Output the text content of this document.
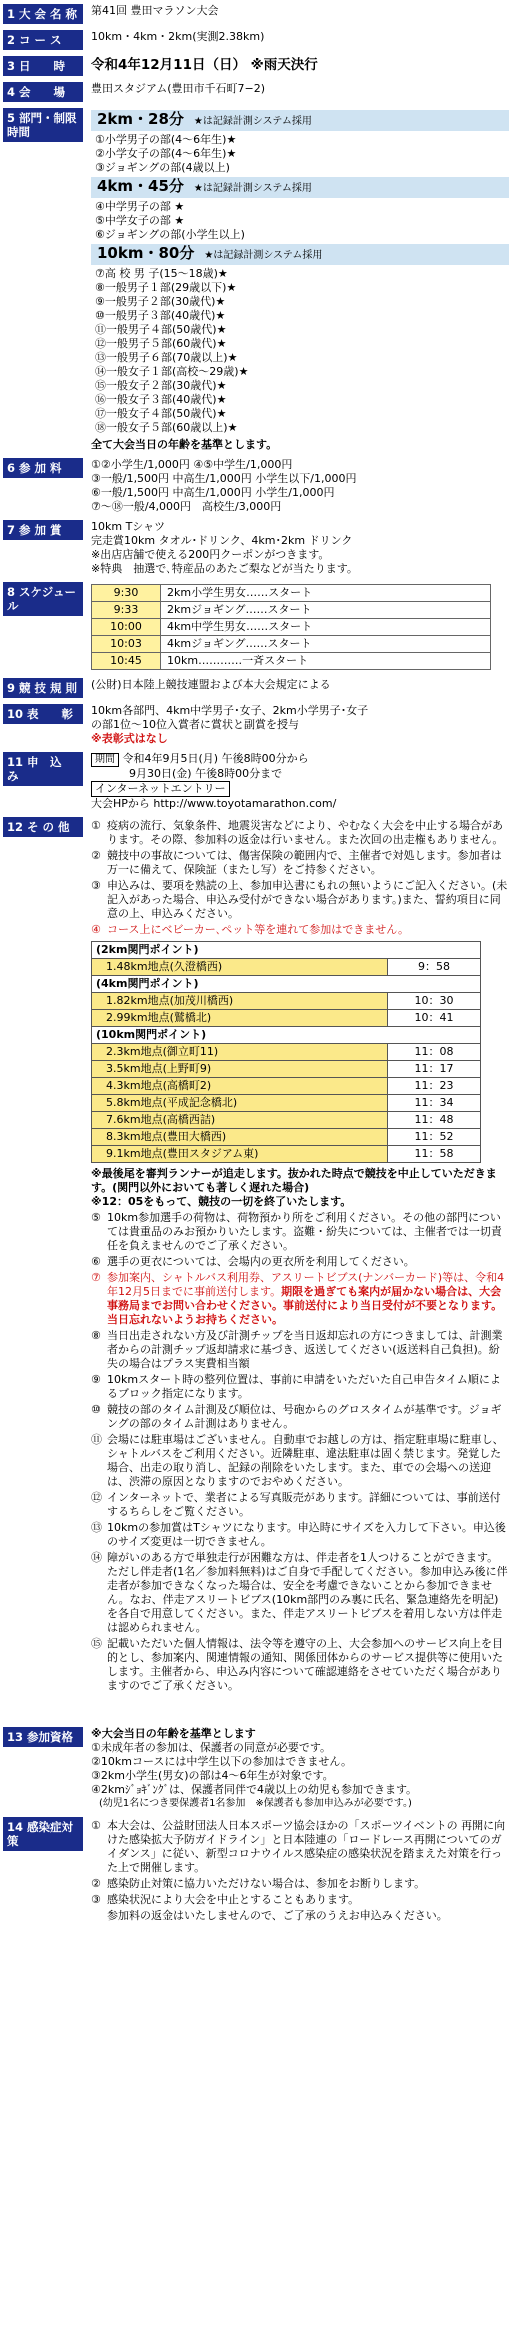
1 大 会 名 称	第41回 豊田マラソン大会
2 コ ー ス	10km・4km・2km(実測2.38km)
3 日　　時	令和4年12月11日（日） ※雨天決行
4 会　　場	豊田スタジアム(豊田市千石町7−2)
5 部門・制限時間
2km・28分 ★は記録計測システム採用
①小学男子の部(4～6年生)★
②小学女子の部(4～6年生)★
③ジョギングの部(4歳以上)
4km・45分 ★は記録計測システム採用
④中学男子の部 ★
⑤中学女子の部 ★
⑥ジョギングの部(小学生以上)
10km・80分 ★は記録計測システム採用
⑦高 校 男 子(15～18歳)★
⑧一般男子１部(29歳以下)★
⑨一般男子２部(30歳代)★
⑩一般男子３部(40歳代)★
⑪一般男子４部(50歳代)★
⑫一般男子５部(60歳代)★
⑬一般男子６部(70歳以上)★
⑭一般女子１部(高校～29歳)★
⑮一般女子２部(30歳代)★
⑯一般女子３部(40歳代)★
⑰一般女子４部(50歳代)★
⑱一般女子５部(60歳以上)★
全て大会当日の年齢を基準とします。
6 参 加 料	①②小学生/1,000円 ④⑤中学生/1,000円
③一般/1,500円 中高生/1,000円 小学生以下/1,000円
⑥一般/1,500円 中高生/1,000円 小学生/1,000円
⑦～⑱一般/4,000円　高校生/3,000円
7 参 加 賞	10km Tシャツ
完走賞10km タオル･ドリンク、4km･2km ドリンク
※出店店舗で使える200円クーポンがつきます。
※特典　抽選で､特産品のあたご梨などが当たります。
8 スケジュール
9:30	2km小学生男女……スタート
9:33	2kmジョギング……スタート
10:00	4km中学生男女……スタート
10:03	4kmジョギング……スタート
10:45	10km…………一斉スタート
9 競 技 規 則	(公財)日本陸上競技連盟および本大会規定による
10 表　　彰	10km各部門、4km中学男子･女子、2km小学男子･女子
の部1位～10位入賞者に賞状と副賞を授与
※表彰式はなし
11 申　込　み
期間 令和4年9月5日(月) 午後8時00分から
9月30日(金) 午後8時00分まで
インターネットエントリー
大会HPから http://www.toyotamarathon.com/
12 そ の 他	① 疫病の流行、気象条件、地震災害などにより、やむなく大会を中止する場合があります。その際、参加料の返金は行いません。また次回の出走権もありません。
② 競技中の事故については、傷害保険の範囲内で、主催者で対処します。参加者は万一に備えて、保険証（またし写）をご持参ください。
③ 申込みは、要項を熟読の上、参加申込書にもれの無いようにご記入ください。(未記入があった場合、申込み受付ができない場合があります。)また、誓約項目に同意の上、申込みください。
④ コース上にベビーカー､ペット等を連れて参加はできません。
(2km関門ポイント)
1.48km地点(久澄橋西)	9：58
(4km関門ポイント)
1.82km地点(加茂川橋西)	10：30
2.99km地点(鷲橋北)	10：41
(10km関門ポイント)
2.3km地点(御立町11)	11：08
3.5km地点(上野町9)	11：17
4.3km地点(高橋町2)	11：23
5.8km地点(平成記念橋北)	11：34
7.6km地点(高橋西詰)	11：48
8.3km地点(豊田大橋西)	11：52
9.1km地点(豊田スタジアム東)	11：58
※最後尾を審判ランナーが追走します。抜かれた時点で競技を中止していただきます。(関門以外においても著しく遅れた場合)
※12：05をもって、競技の一切を終了いたします。
⑤ 10km参加選手の荷物は、荷物預かり所をご利用ください。その他の部門については貴重品のみお預かりいたします。盗難・紛失については、主催者では一切責任を負えませんのでご了承ください。
⑥ 選手の更衣については、会場内の更衣所を利用してください。
⑦ 参加案内、シャトルバス利用券、アスリートビブス(ナンバーカード)等は、令和4年12月5日までに事前送付します。期限を過ぎても案内が届かない場合は、大会事務局までお問い合わせください。事前送付により当日受付が不要となります。当日忘れないようお持ちください。
⑧ 当日出走されない方及び計測チップを当日返却忘れの方につきましては、計測業者からの計測チップ返却請求に基づき、返送してください(返送料自己負担)。紛失の場合はプラス実費相当額
⑨ 10kmスタート時の整列位置は、事前に申請をいただいた自己申告タイム順によるブロック指定になります。
⑩ 競技の部のタイム計測及び順位は、号砲からのグロスタイムが基準です。ジョギングの部のタイム計測はありません。
⑪ 会場には駐車場はございません。自動車でお越しの方は、指定駐車場に駐車し、シャトルバスをご利用ください。近隣駐車、違法駐車は固く禁じます。発覚した場合、出走の取り消し、記録の削除をいたします。また、車での会場への送迎は、渋滞の原因となりますのでおやめください。
⑫ インターネットで、業者による写真販売があります。詳細については、事前送付するちらしをご覧ください。
⑬ 10kmの参加賞はTシャツになります。申込時にサイズを入力して下さい。申込後のサイズ変更は一切できません。
⑭ 障がいのある方で単独走行が困難な方は、伴走者を1人つけることができます。ただし伴走者(1名／参加料無料)はご自身で手配してください。参加申込み後に伴走者が参加できなくなった場合は、安全を考慮できないことから参加できません。なお、伴走アスリートビブス(10km部門のみ裏に氏名、緊急連絡先を明記)を各自で用意してください。また、伴走アスリートビブスを着用しない方は伴走は認められません。
⑮ 記載いただいた個人情報は、法令等を遵守の上、大会参加へのサービス向上を目的とし、参加案内、関連情報の通知、関係団体からのサービス提供等に使用いたします。主催者から、申込み内容について確認連絡をさせていただく場合がありますのでご了承ください。
13 参加資格	※大会当日の年齢を基準とします
①未成年者の参加は、保護者の同意が必要です。
②10kmコースには中学生以下の参加はできません。
③2km小学生(男女)の部は4～6年生が対象です。
④2kmｼﾞｮｷﾞﾝｸﾞは、保護者同伴で4歳以上の幼児も参加できます。
(幼児1名につき要保護者1名参加　※保護者も参加申込みが必要です。)
14 感染症対策
① 本大会は、公益財団法人日本スポーツ協会ほかの「スポーツイベントの 再開に向けた感染拡大予防ガイドライン」と日本陸連の「ロードレース再開についてのガイダンス」に従い、新型コロナウイルス感染症の感染状況を踏まえた対策を行った上で開催します。
② 感染防止対策に協力いただけない場合は、参加をお断りします。
③ 感染状況により大会を中止とすることもあります。
参加料の返金はいたしませんので、ご了承のうえお申込みください。
